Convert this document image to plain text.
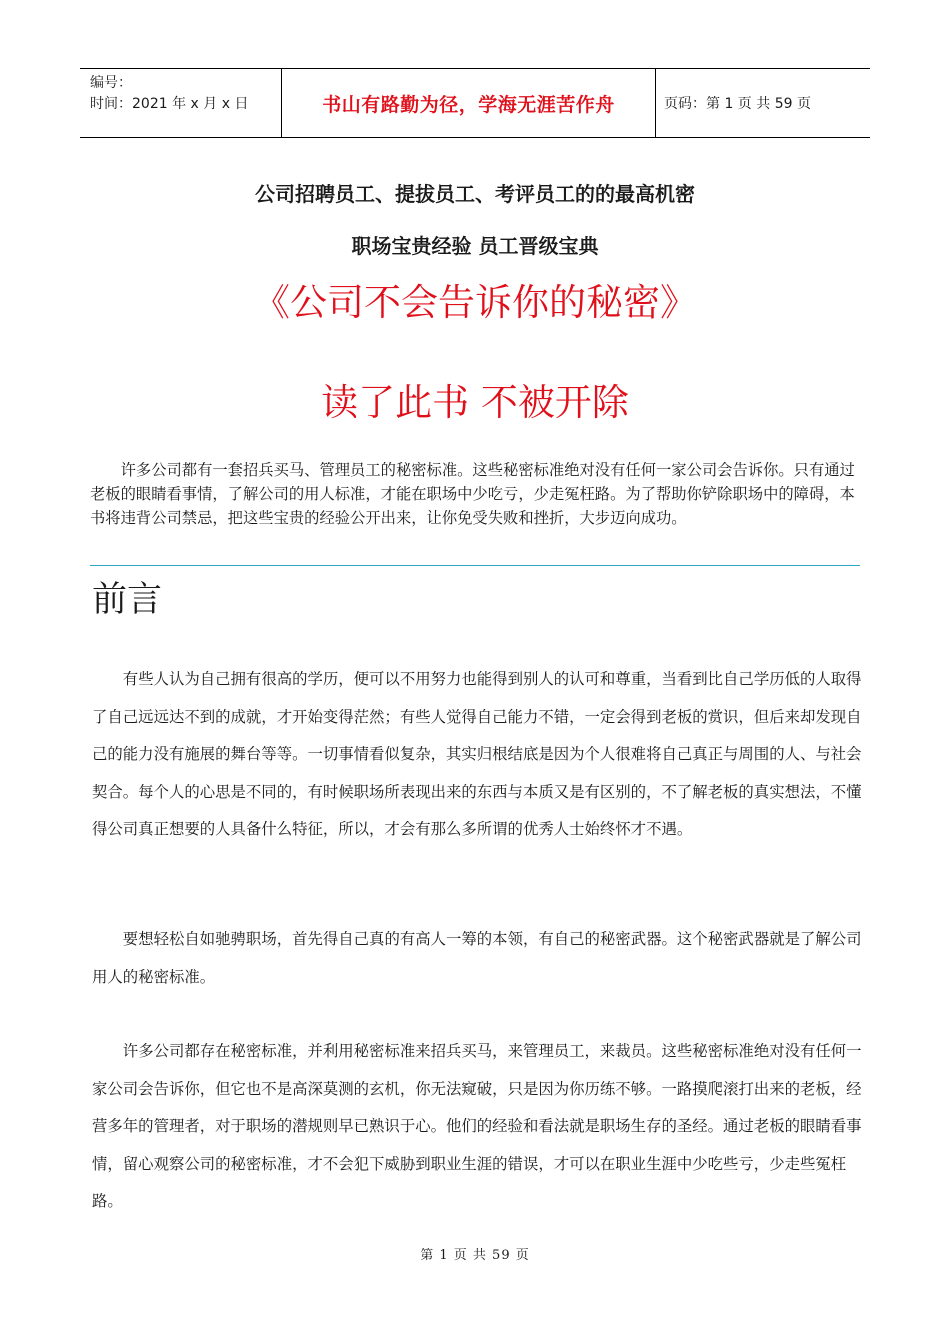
编号：
时间：2021 年 x 月 x 日	书山有路勤为径，学海无涯苦作舟	页码：第 1 页 共 59 页
公司招聘员工、提拔员工、考评员工的的最高机密
职场宝贵经验 员工晋级宝典
《公司不会告诉你的秘密》
读了此书 不被开除

许多公司都有一套招兵买马、管理员工的秘密标准。这些秘密标准绝对没有任何一家公司会告诉你。只有通过老板的眼睛看事情，了解公司的用人标准，才能在职场中少吃亏，少走冤枉路。为了帮助你铲除职场中的障碍，本书将违背公司禁忌，把这些宝贵的经验公开出来，让你免受失败和挫折，大步迈向成功。

前言

有些人认为自己拥有很高的学历，便可以不用努力也能得到别人的认可和尊重，当看到比自己学历低的人取得了自己远远达不到的成就，才开始变得茫然；有些人觉得自己能力不错，一定会得到老板的赏识，但后来却发现自己的能力没有施展的舞台等等。一切事情看似复杂，其实归根结底是因为个人很难将自己真正与周围的人、与社会契合。每个人的心思是不同的，有时候职场所表现出来的东西与本质又是有区别的，不了解老板的真实想法，不懂得公司真正想要的人具备什么特征，所以，才会有那么多所谓的优秀人士始终怀才不遇。

要想轻松自如驰骋职场，首先得自己真的有高人一筹的本领，有自己的秘密武器。这个秘密武器就是了解公司用人的秘密标准。

许多公司都存在秘密标准，并利用秘密标准来招兵买马，来管理员工，来裁员。这些秘密标准绝对没有任何一家公司会告诉你，但它也不是高深莫测的玄机，你无法窥破，只是因为你历练不够。一路摸爬滚打出来的老板，经营多年的管理者，对于职场的潜规则早已熟识于心。他们的经验和看法就是职场生存的圣经。通过老板的眼睛看事情，留心观察公司的秘密标准，才不会犯下威胁到职业生涯的错误，才可以在职业生涯中少吃些亏，少走些冤枉路。

第 1 页 共 59 页
